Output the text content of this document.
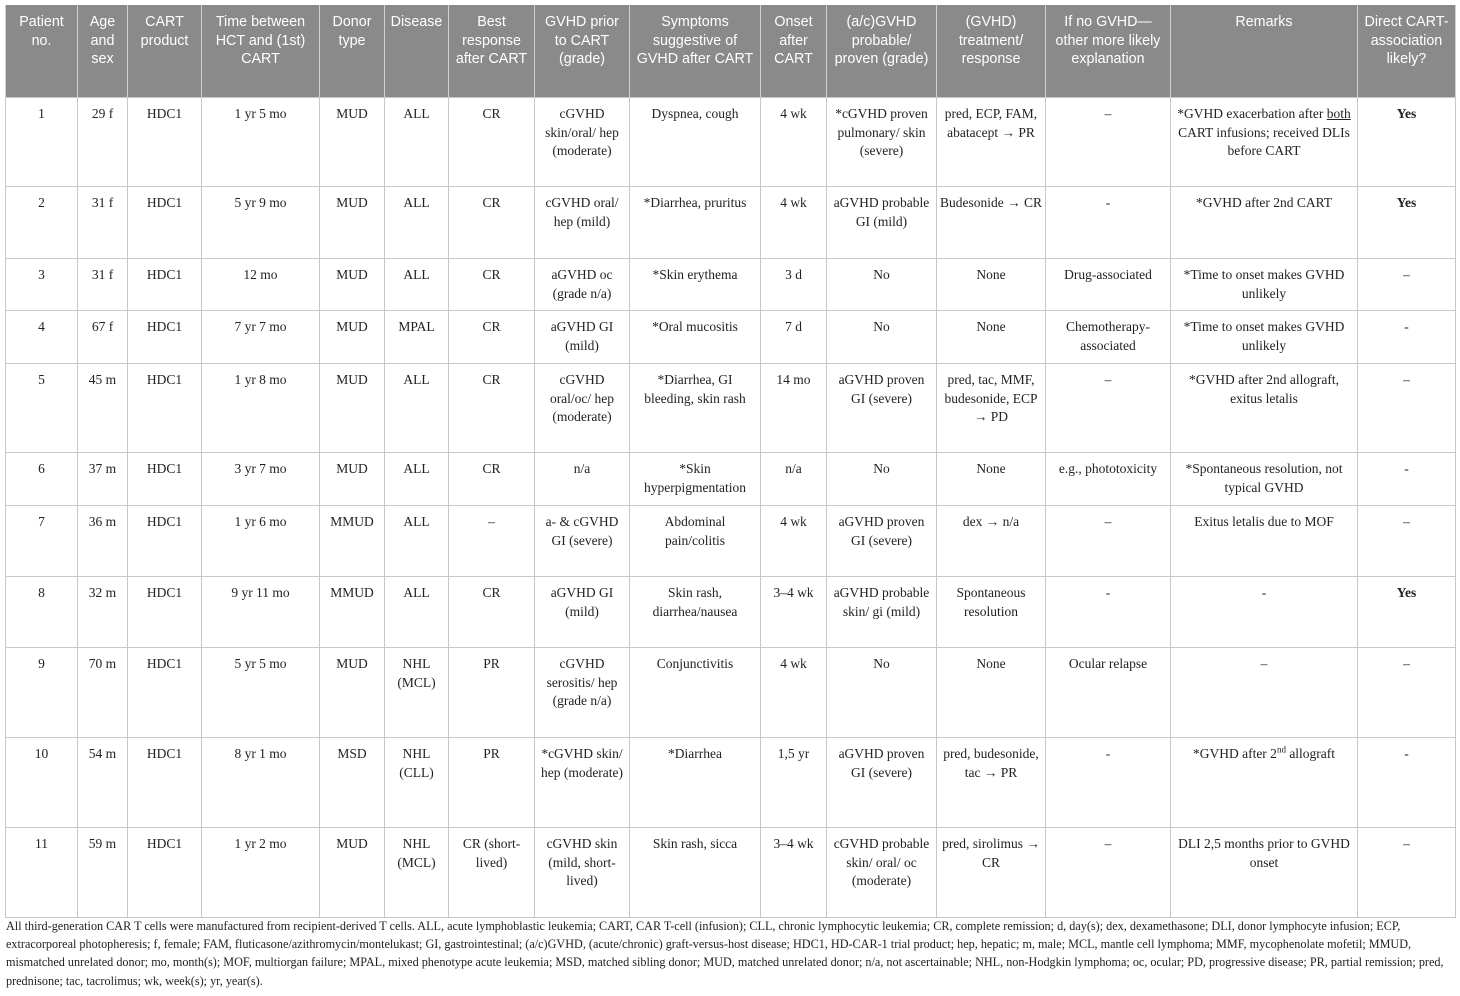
Patient no.	Age and sex	CART product	Time between HCT and (1st) CART	Donor type	Disease	Best response after CART	GVHD prior to CART (grade)	Symptoms suggestive of GVHD after CART	Onset after CART	(a/c)GVHD probable/ proven (grade)	(GVHD) treatment/ response	If no GVHD—other more likely explanation	Remarks	Direct CART-association likely?
1	29 f	HDC1	1 yr 5 mo	MUD	ALL	CR	cGVHD skin/oral/ hep (moderate)	Dyspnea, cough	4 wk	*cGVHD proven pulmonary/ skin (severe)	pred, ECP, FAM, abatacept → PR	–	*GVHD exacerbation after both CART infusions; received DLIs before CART	Yes
2	31 f	HDC1	5 yr 9 mo	MUD	ALL	CR	cGVHD oral/ hep (mild)	*Diarrhea, pruritus	4 wk	aGVHD probable GI (mild)	Budesonide → CR	-	*GVHD after 2nd CART	Yes
3	31 f	HDC1	12 mo	MUD	ALL	CR	aGVHD oc (grade n/a)	*Skin erythema	3 d	No	None	Drug-associated	*Time to onset makes GVHD unlikely	–
4	67 f	HDC1	7 yr 7 mo	MUD	MPAL	CR	aGVHD GI (mild)	*Oral mucositis	7 d	No	None	Chemotherapy-associated	*Time to onset makes GVHD unlikely	-
5	45 m	HDC1	1 yr 8 mo	MUD	ALL	CR	cGVHD oral/oc/ hep (moderate)	*Diarrhea, GI bleeding, skin rash	14 mo	aGVHD proven GI (severe)	pred, tac, MMF, budesonide, ECP → PD	–	*GVHD after 2nd allograft, exitus letalis	–
6	37 m	HDC1	3 yr 7 mo	MUD	ALL	CR	n/a	*Skin hyperpigmentation	n/a	No	None	e.g., phototoxicity	*Spontaneous resolution, not typical GVHD	-
7	36 m	HDC1	1 yr 6 mo	MMUD	ALL	–	a- & cGVHD GI (severe)	Abdominal pain/colitis	4 wk	aGVHD proven GI (severe)	dex → n/a	–	Exitus letalis due to MOF	–
8	32 m	HDC1	9 yr 11 mo	MMUD	ALL	CR	aGVHD GI (mild)	Skin rash, diarrhea/nausea	3–4 wk	aGVHD probable skin/ gi (mild)	Spontaneous resolution	-	-	Yes
9	70 m	HDC1	5 yr 5 mo	MUD	NHL (MCL)	PR	cGVHD serositis/ hep (grade n/a)	Conjunctivitis	4 wk	No	None	Ocular relapse	–	–
10	54 m	HDC1	8 yr 1 mo	MSD	NHL (CLL)	PR	*cGVHD skin/ hep (moderate)	*Diarrhea	1,5 yr	aGVHD proven GI (severe)	pred, budesonide, tac → PR	-	*GVHD after 2nd allograft	-
11	59 m	HDC1	1 yr 2 mo	MUD	NHL (MCL)	CR (short-lived)	cGVHD skin (mild, short-lived)	Skin rash, sicca	3–4 wk	cGVHD probable skin/ oral/ oc (moderate)	pred, sirolimus → CR	–	DLI 2,5 months prior to GVHD onset	–
All third-generation CAR T cells were manufactured from recipient-derived T cells. ALL, acute lymphoblastic leukemia; CART, CAR T-cell (infusion); CLL, chronic lymphocytic leukemia; CR, complete remission; d, day(s); dex, dexamethasone; DLI, donor lymphocyte infusion; ECP, extracorporeal photopheresis; f, female; FAM, fluticasone/azithromycin/montelukast; GI, gastrointestinal; (a/c)GVHD, (acute/chronic) graft-versus-host disease; HDC1, HD-CAR-1 trial product; hep, hepatic; m, male; MCL, mantle cell lymphoma; MMF, mycophenolate mofetil; MMUD, mismatched unrelated donor; mo, month(s); MOF, multiorgan failure; MPAL, mixed phenotype acute leukemia; MSD, matched sibling donor; MUD, matched unrelated donor; n/a, not ascertainable; NHL, non-Hodgkin lymphoma; oc, ocular; PD, progressive disease; PR, partial remission; pred, prednisone; tac, tacrolimus; wk, week(s); yr, year(s).
